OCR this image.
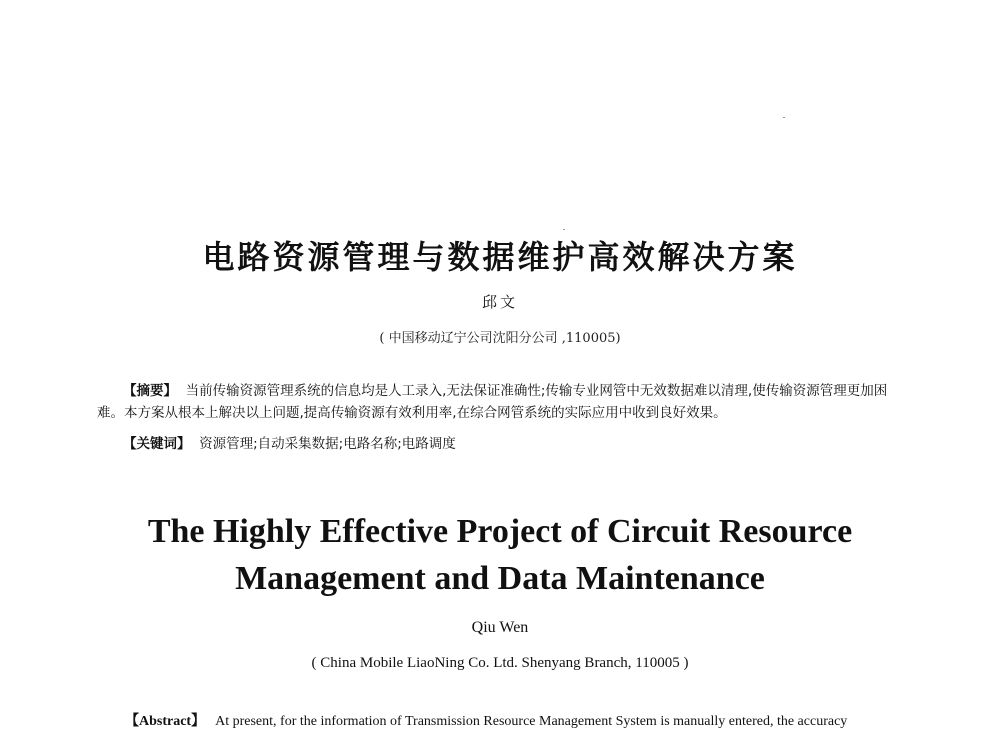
电路资源管理与数据维护高效解决方案
邱文
( 中国移动辽宁公司沈阳分公司 ,110005)
【摘要】 当前传输资源管理系统的信息均是人工录入,无法保证准确性;传输专业网管中无效数据难以清理,使传输资源管理更加困难。本方案从根本上解决以上问题,提高传输资源有效利用率,在综合网管系统的实际应用中收到良好效果。
【关键词】 资源管理;自动采集数据;电路名称;电路调度
The Highly Effective Project of Circuit Resource
Management and Data Maintenance
Qiu Wen
( China Mobile LiaoNing Co. Ltd. Shenyang Branch, 110005 )
【Abstract】 At present, for the information of Transmission Resource Management System is manually entered, the accuracy
